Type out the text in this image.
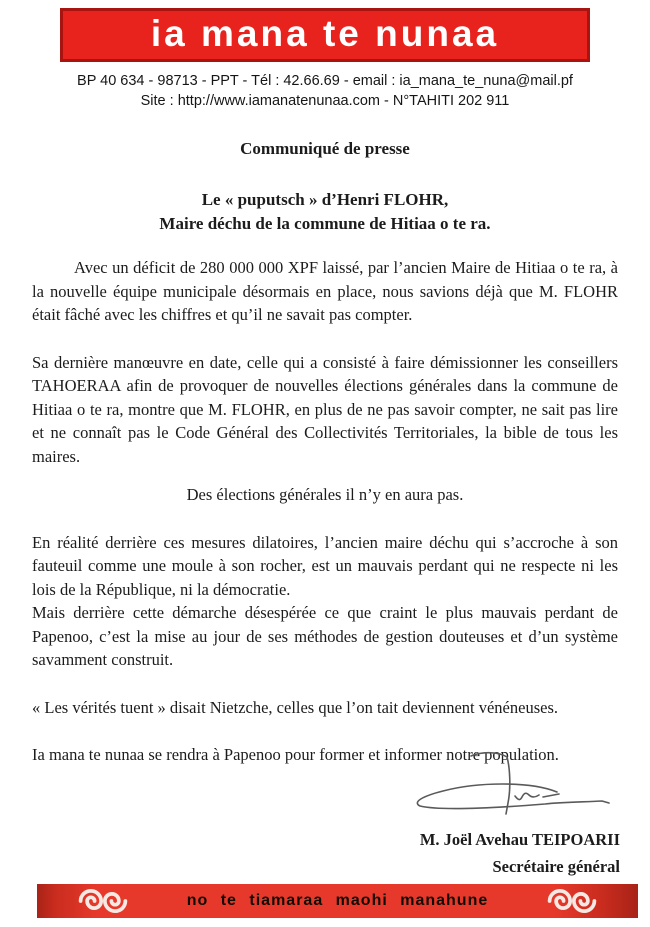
ia mana te nunaa
BP 40 634 - 98713 - PPT - Tél : 42.66.69 - email : ia_mana_te_nuna@mail.pf
Site : http://www.iamanatenunaa.com - N°TAHITI 202 911

Communiqué de presse

Le « puputsch » d’Henri FLOHR,
Maire déchu de la commune de Hitiaa o te ra.

Avec un déficit de 280 000 000 XPF laissé, par l’ancien Maire de Hitiaa o te ra, à la nouvelle équipe municipale désormais en place, nous savions déjà que M. FLOHR était fâché avec les chiffres et qu’il ne savait pas compter.

Sa dernière manœuvre en date, celle qui a consisté à faire démissionner les conseillers TAHOERAA afin de provoquer de nouvelles élections générales dans la commune de Hitiaa o te ra, montre que M. FLOHR, en plus de ne pas savoir compter, ne sait pas lire et ne connaît pas le Code Général des Collectivités Territoriales, la bible de tous les maires.

Des élections générales il n’y en aura pas.

En réalité derrière ces mesures dilatoires, l’ancien maire déchu qui s’accroche à son fauteuil comme une moule à son rocher, est un mauvais perdant qui ne respecte ni les lois de la République, ni la démocratie.

Mais derrière cette démarche désespérée ce que craint le plus mauvais perdant de Papenoo, c’est la mise au jour de ses méthodes de gestion douteuses et d’un système savamment construit.

« Les vérités tuent » disait Nietzche, celles que l’on tait deviennent vénéneuses.

Ia mana te nunaa se rendra à Papenoo pour former et informer notre population.

M. Joël Avehau TEIPOARII
Secrétaire général
no te tiamaraa maohi manahune
